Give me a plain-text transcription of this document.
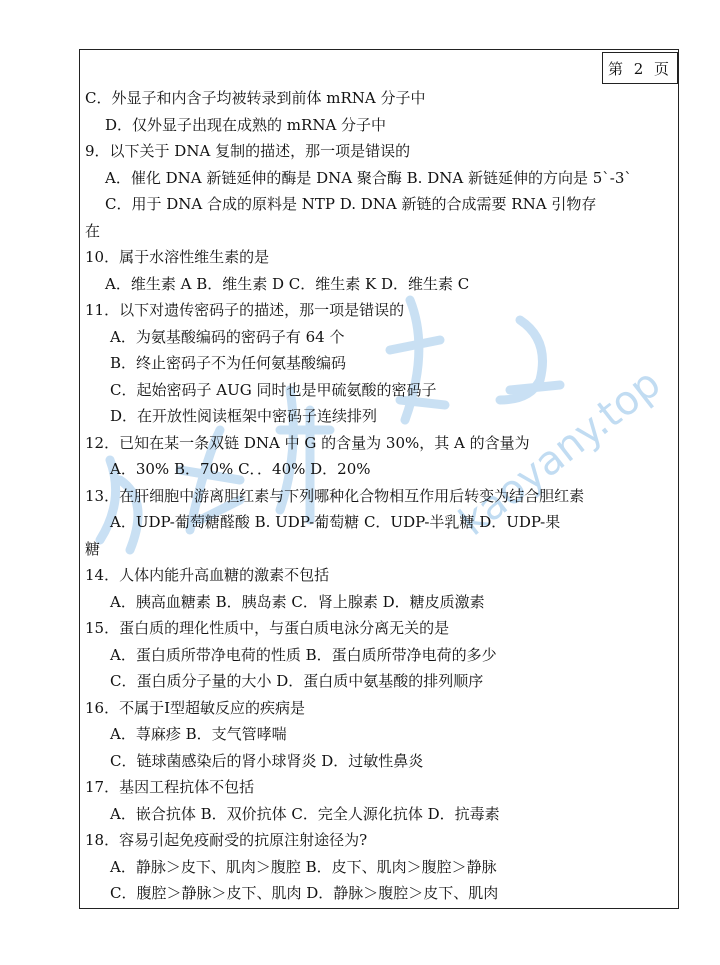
第 2 页
kaoyany.top
C．外显子和内含子均被转录到前体 mRNA 分子中
D．仅外显子出现在成熟的 mRNA 分子中
9．以下关于 DNA 复制的描述，那一项是错误的
A．催化 DNA 新链延伸的酶是 DNA 聚合酶 B. DNA 新链延伸的方向是 5`-3`
C．用于 DNA 合成的原料是 NTP D. DNA 新链的合成需要 RNA 引物存
在
10．属于水溶性维生素的是
A．维生素 A B．维生素 D C．维生素 K D．维生素 C
11．以下对遗传密码子的描述，那一项是错误的
A．为氨基酸编码的密码子有 64 个
B．终止密码子不为任何氨基酸编码
C．起始密码子 AUG 同时也是甲硫氨酸的密码子
D．在开放性阅读框架中密码子连续排列
12．已知在某一条双链 DNA 中 G 的含量为 30%，其 A 的含量为
A．30% B．70% C．．40% D．20%
13．在肝细胞中游离胆红素与下列哪种化合物相互作用后转变为结合胆红素
A．UDP-葡萄糖醛酸 B. UDP-葡萄糖 C．UDP-半乳糖 D．UDP-果
糖
14．人体内能升高血糖的激素不包括
A．胰高血糖素 B．胰岛素 C．肾上腺素 D．糖皮质激素
15．蛋白质的理化性质中，与蛋白质电泳分离无关的是
A．蛋白质所带净电荷的性质 B．蛋白质所带净电荷的多少
C．蛋白质分子量的大小 D．蛋白质中氨基酸的排列顺序
16．不属于Ⅰ型超敏反应的疾病是
A．荨麻疹 B．支气管哮喘
C．链球菌感染后的肾小球肾炎 D．过敏性鼻炎
17．基因工程抗体不包括
A．嵌合抗体 B．双价抗体 C．完全人源化抗体 D．抗毒素
18．容易引起免疫耐受的抗原注射途径为?
A．静脉＞皮下、肌肉＞腹腔 B．皮下、肌肉＞腹腔＞静脉
C．腹腔＞静脉＞皮下、肌肉 D．静脉＞腹腔＞皮下、肌肉
